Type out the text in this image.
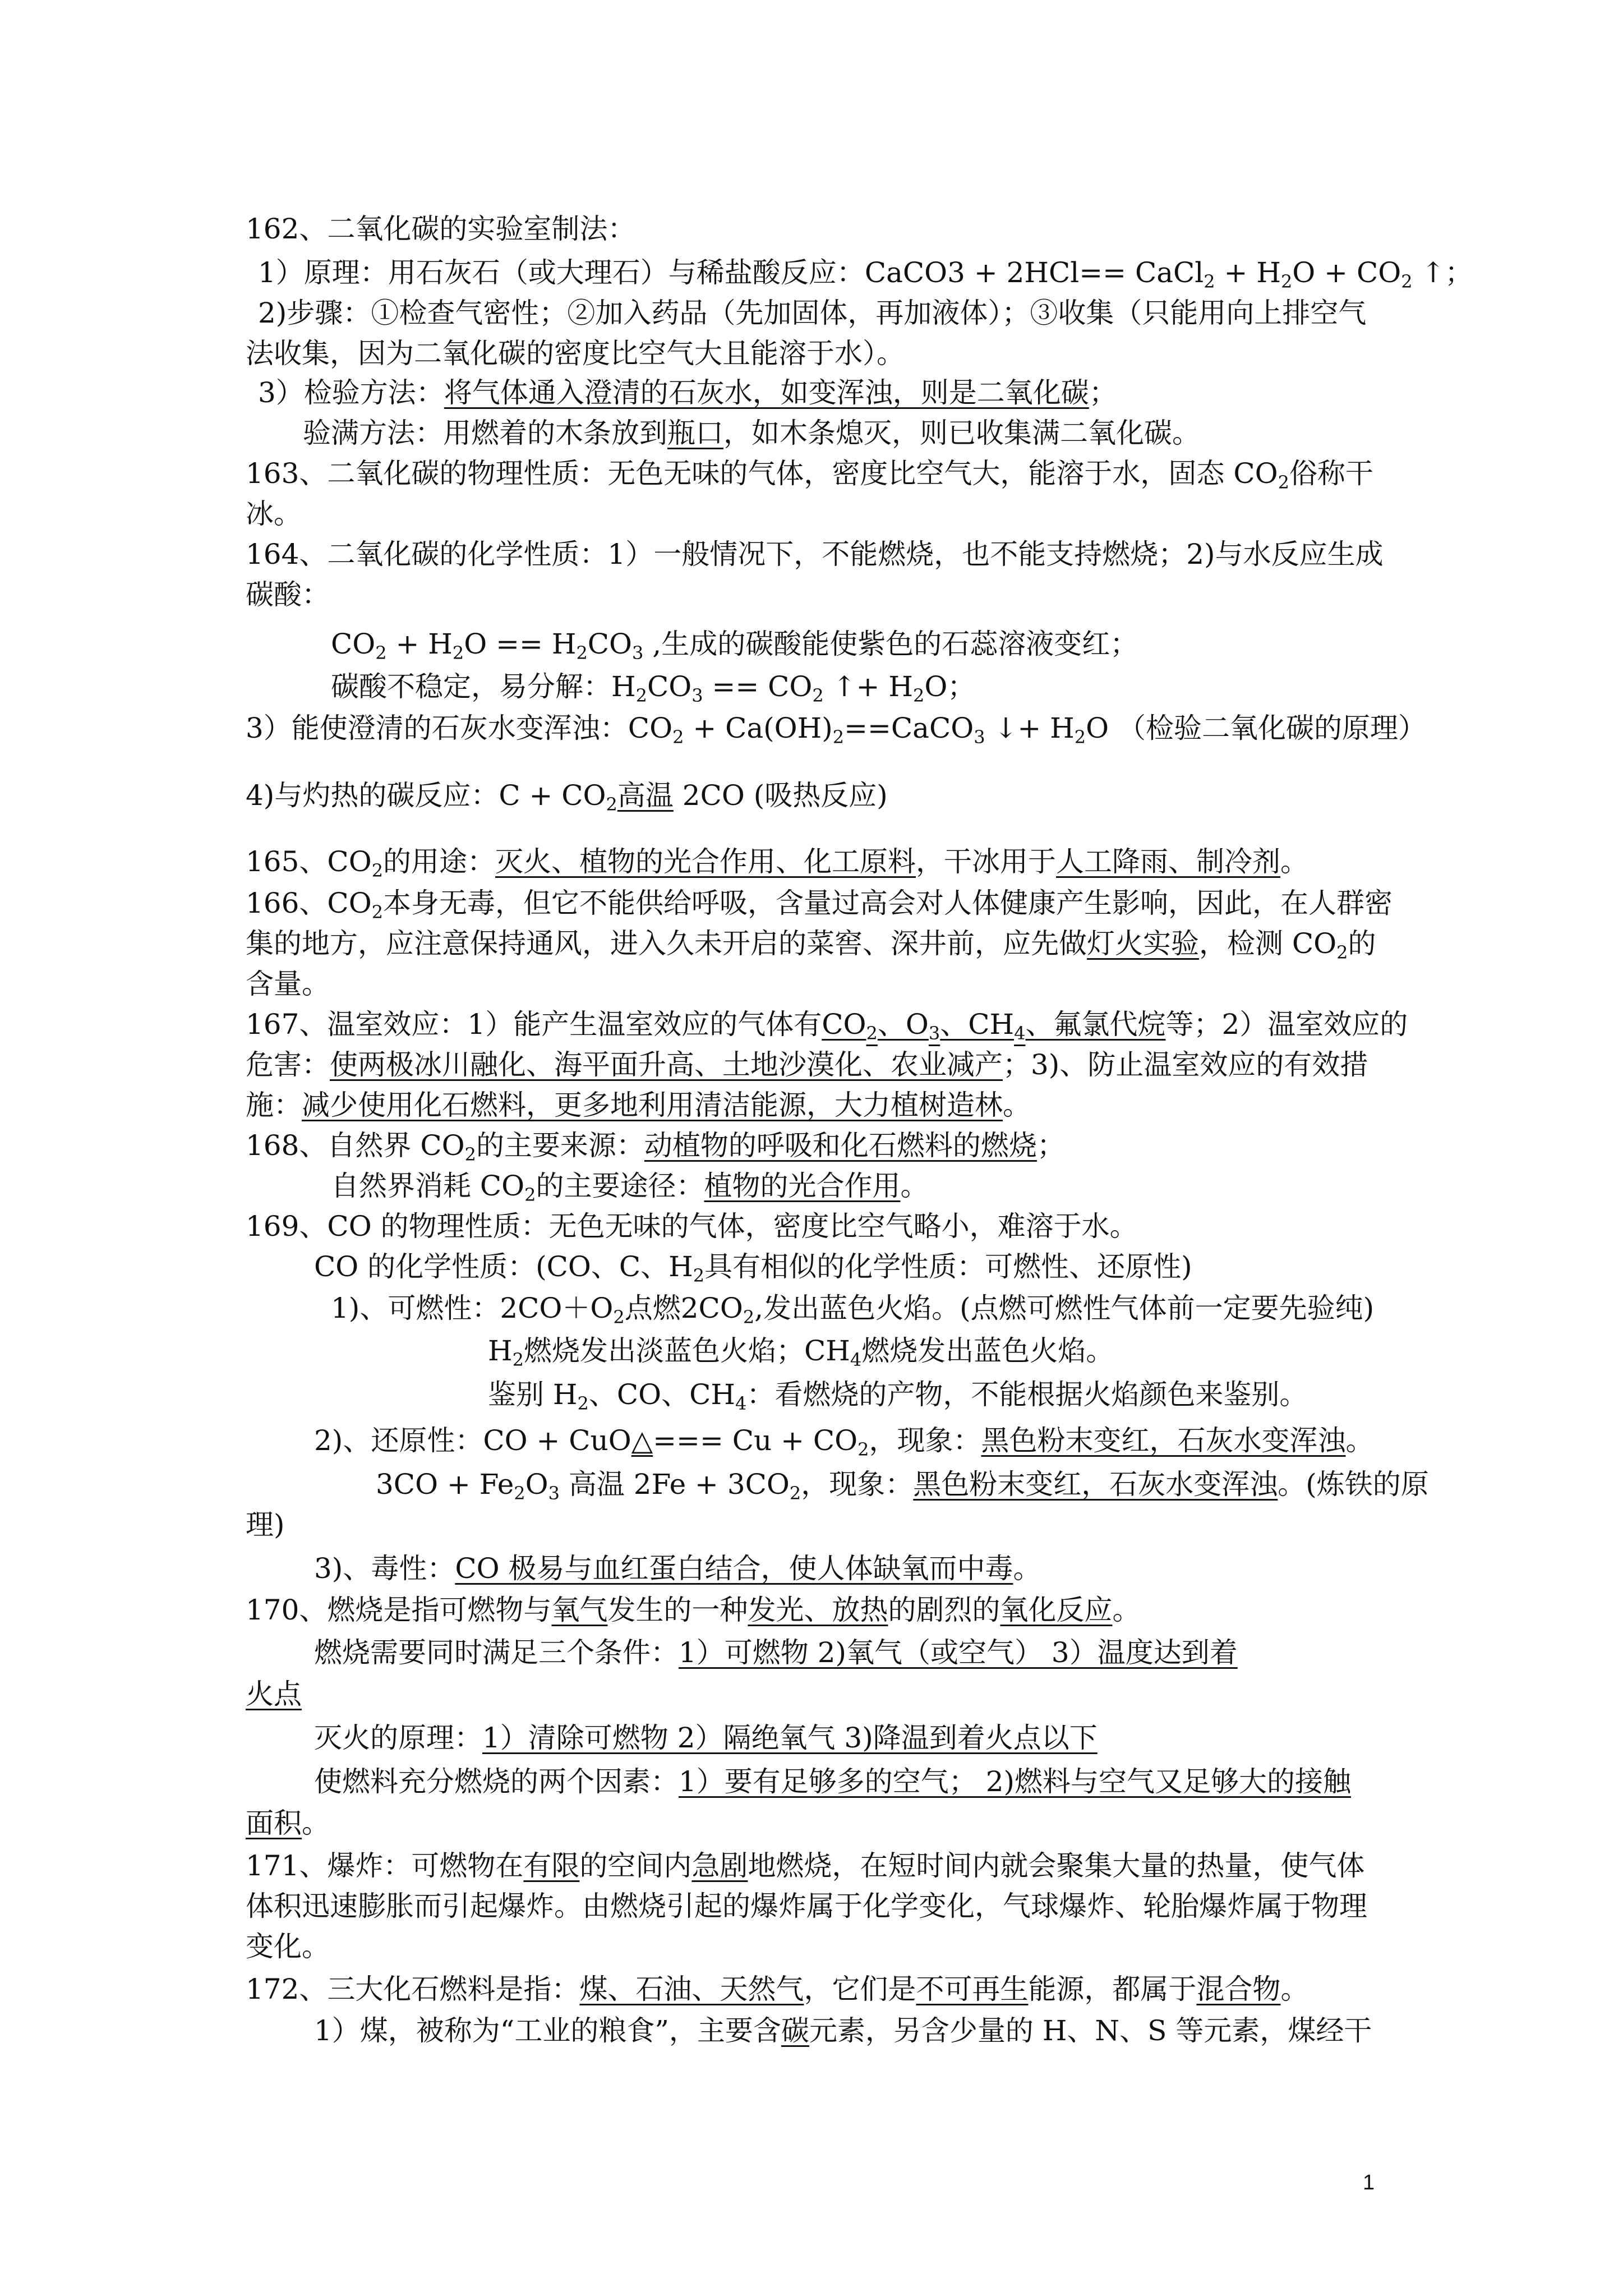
162、二氧化碳的实验室制法：
1）原理：用石灰石（或大理石）与稀盐酸反应：CaCO3 + 2HCl== CaCl$_2$ + $H_2O + CO_2$ ↑；
2)步骤：①检查气密性；②加入药品（先加固体，再加液体）；③收集（只能用向上排空气
法收集，因为二氧化碳的密度比空气大且能溶于水）。
3）检验方法：将气体通入澄清的石灰水，如变浑浊，则是二氧化碳；
验满方法：用燃着的木条放到瓶口，如木条熄灭，则已收集满二氧化碳。
163、二氧化碳的物理性质：无色无味的气体，密度比空气大，能溶于水，固态 $CO_2$俗称干
冰。
164、二氧化碳的化学性质：1）一般情况下，不能燃烧，也不能支持燃烧；2)与水反应生成
碳酸：
$CO_2 + H_2O == H_2CO_3$ ,生成的碳酸能使紫色的石蕊溶液变红；
碳酸不稳定，易分解：$H_2CO_3 == CO_2$ ↑+ $H_2O$；
3）能使澄清的石灰水变浑浊：$CO_2$ + $Ca(OH)_2==CaCO_3$ ↓+ $H_2O$ （检验二氧化碳的原理）
4)与灼热的碳反应：$C + CO_2$高温 2CO (吸热反应)
165、$CO_2$的用途：灭火、植物的光合作用、化工原料，干冰用于人工降雨、制冷剂。
166、$CO_2$本身无毒，但它不能供给呼吸，含量过高会对人体健康产生影响，因此，在人群密
集的地方，应注意保持通风，进入久未开启的菜窖、深井前，应先做灯火实验，检测 $CO_2$的
含量。
167、温室效应：1）能产生温室效应的气体有$CO_2$、$O_3$、$CH_4$、氟氯代烷等；2）温室效应的
危害：使两极冰川融化、海平面升高、土地沙漠化、农业减产；3)、防止温室效应的有效措
施：减少使用化石燃料，更多地利用清洁能源，大力植树造林。
168、自然界 $CO_2$的主要来源：动植物的呼吸和化石燃料的燃烧；
自然界消耗 $CO_2$的主要途径：植物的光合作用。
169、CO 的物理性质：无色无味的气体，密度比空气略小，难溶于水。
CO 的化学性质：(CO、C、$H_2$具有相似的化学性质：可燃性、还原性)
1)、可燃性：$2CO+O_2$点燃$2CO_2$,发出蓝色火焰。(点燃可燃性气体前一定要先验纯)
$H_2$燃烧发出淡蓝色火焰；$CH_4$燃烧发出蓝色火焰。
鉴别 $H_2$、CO、$CH_4$：看燃烧的产物，不能根据火焰颜色来鉴别。
2)、还原性：CO + CuO△=== $Cu + CO_2$，现象：黑色粉末变红，石灰水变浑浊。
$3CO + Fe_2O_3$ 高温 $2Fe + 3CO_2$，现象：黑色粉末变红，石灰水变浑浊。(炼铁的原
理)
3)、毒性：CO 极易与血红蛋白结合，使人体缺氧而中毒。
170、燃烧是指可燃物与氧气发生的一种发光、放热的剧烈的氧化反应。
燃烧需要同时满足三个条件：1）可燃物 2)氧气（或空气） 3）温度达到着
火点
灭火的原理：1）清除可燃物 2）隔绝氧气 3)降温到着火点以下
使燃料充分燃烧的两个因素：1）要有足够多的空气； 2)燃料与空气又足够大的接触
面积。
171、爆炸：可燃物在有限的空间内急剧地燃烧，在短时间内就会聚集大量的热量，使气体
体积迅速膨胀而引起爆炸。由燃烧引起的爆炸属于化学变化，气球爆炸、轮胎爆炸属于物理
变化。
172、三大化石燃料是指：煤、石油、天然气，它们是不可再生能源，都属于混合物。
1）煤，被称为“工业的粮食”，主要含碳元素，另含少量的 H、N、S 等元素，煤经干
1
